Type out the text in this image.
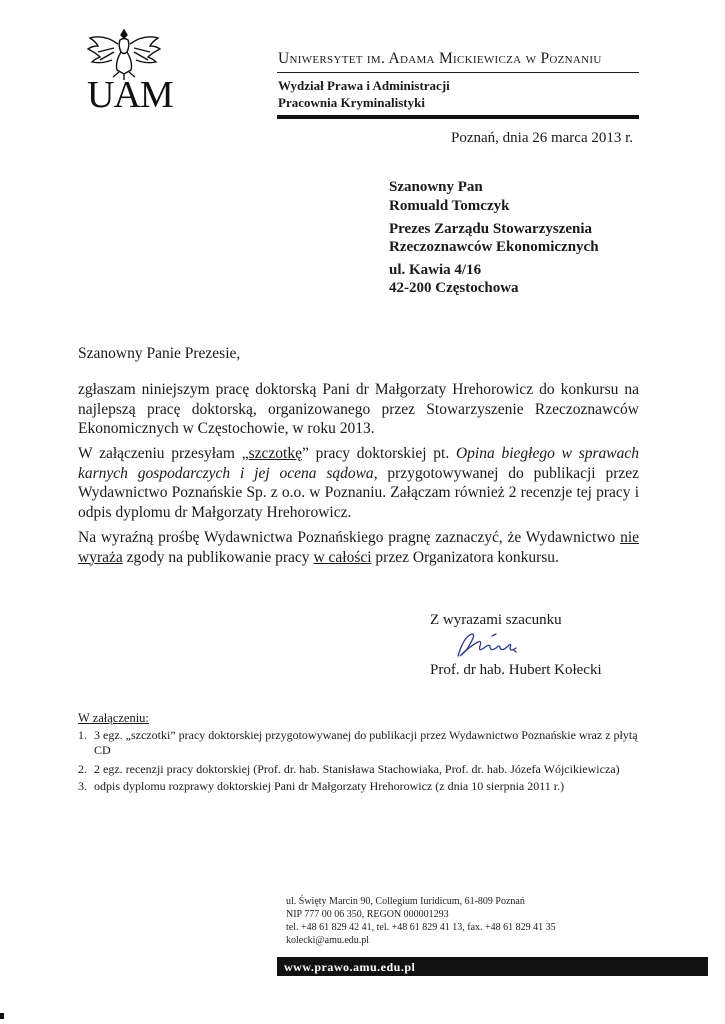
UAM
Uniwersytet im. Adama Mickiewicza w Poznaniu
Wydział Prawa i Administracji
Pracownia Kryminalistyki
Poznań, dnia 26 marca 2013 r.
Szanowny Pan
Romuald Tomczyk
Prezes Zarządu Stowarzyszenia
Rzeczoznawców Ekonomicznych
ul. Kawia 4/16
42-200 Częstochowa
Szanowny Panie Prezesie,
zgłaszam niniejszym pracę doktorską Pani dr Małgorzaty Hrehorowicz do konkursu na najlepszą pracę doktorską, organizowanego przez Stowarzyszenie Rzeczoznawców Ekonomicznych w Częstochowie, w roku 2013.
W załączeniu przesyłam „szczotkę” pracy doktorskiej pt. Opina biegłego w sprawach karnych gospodarczych i jej ocena sądowa, przygotowywanej do publikacji przez Wydawnictwo Poznańskie Sp. z o.o. w Poznaniu. Załączam również 2 recenzje tej pracy i odpis dyplomu dr Małgorzaty Hrehorowicz.
Na wyraźną prośbę Wydawnictwa Poznańskiego pragnę zaznaczyć, że Wydawnictwo nie wyraża zgody na publikowanie pracy w całości przez Organizatora konkursu.
Z wyrazami szacunku
Prof. dr hab. Hubert Kołecki
W załączeniu:
1. 3 egz. „szczotki” pracy doktorskiej przygotowywanej do publikacji przez Wydawnictwo Poznańskie wraz z płytą CD
2. 2 egz. recenzji pracy doktorskiej (Prof. dr. hab. Stanisława Stachowiaka, Prof. dr. hab. Józefa Wójcikiewicza)
3. odpis dyplomu rozprawy doktorskiej Pani dr Małgorzaty Hrehorowicz (z dnia 10 sierpnia 2011 r.)
ul. Święty Marcin 90, Collegium Iuridicum, 61-809 Poznań
NIP 777 00 06 350, REGON 000001293
tel. +48 61 829 42 41, tel. +48 61 829 41 13, fax. +48 61 829 41 35
kolecki@amu.edu.pl
www.prawo.amu.edu.pl
